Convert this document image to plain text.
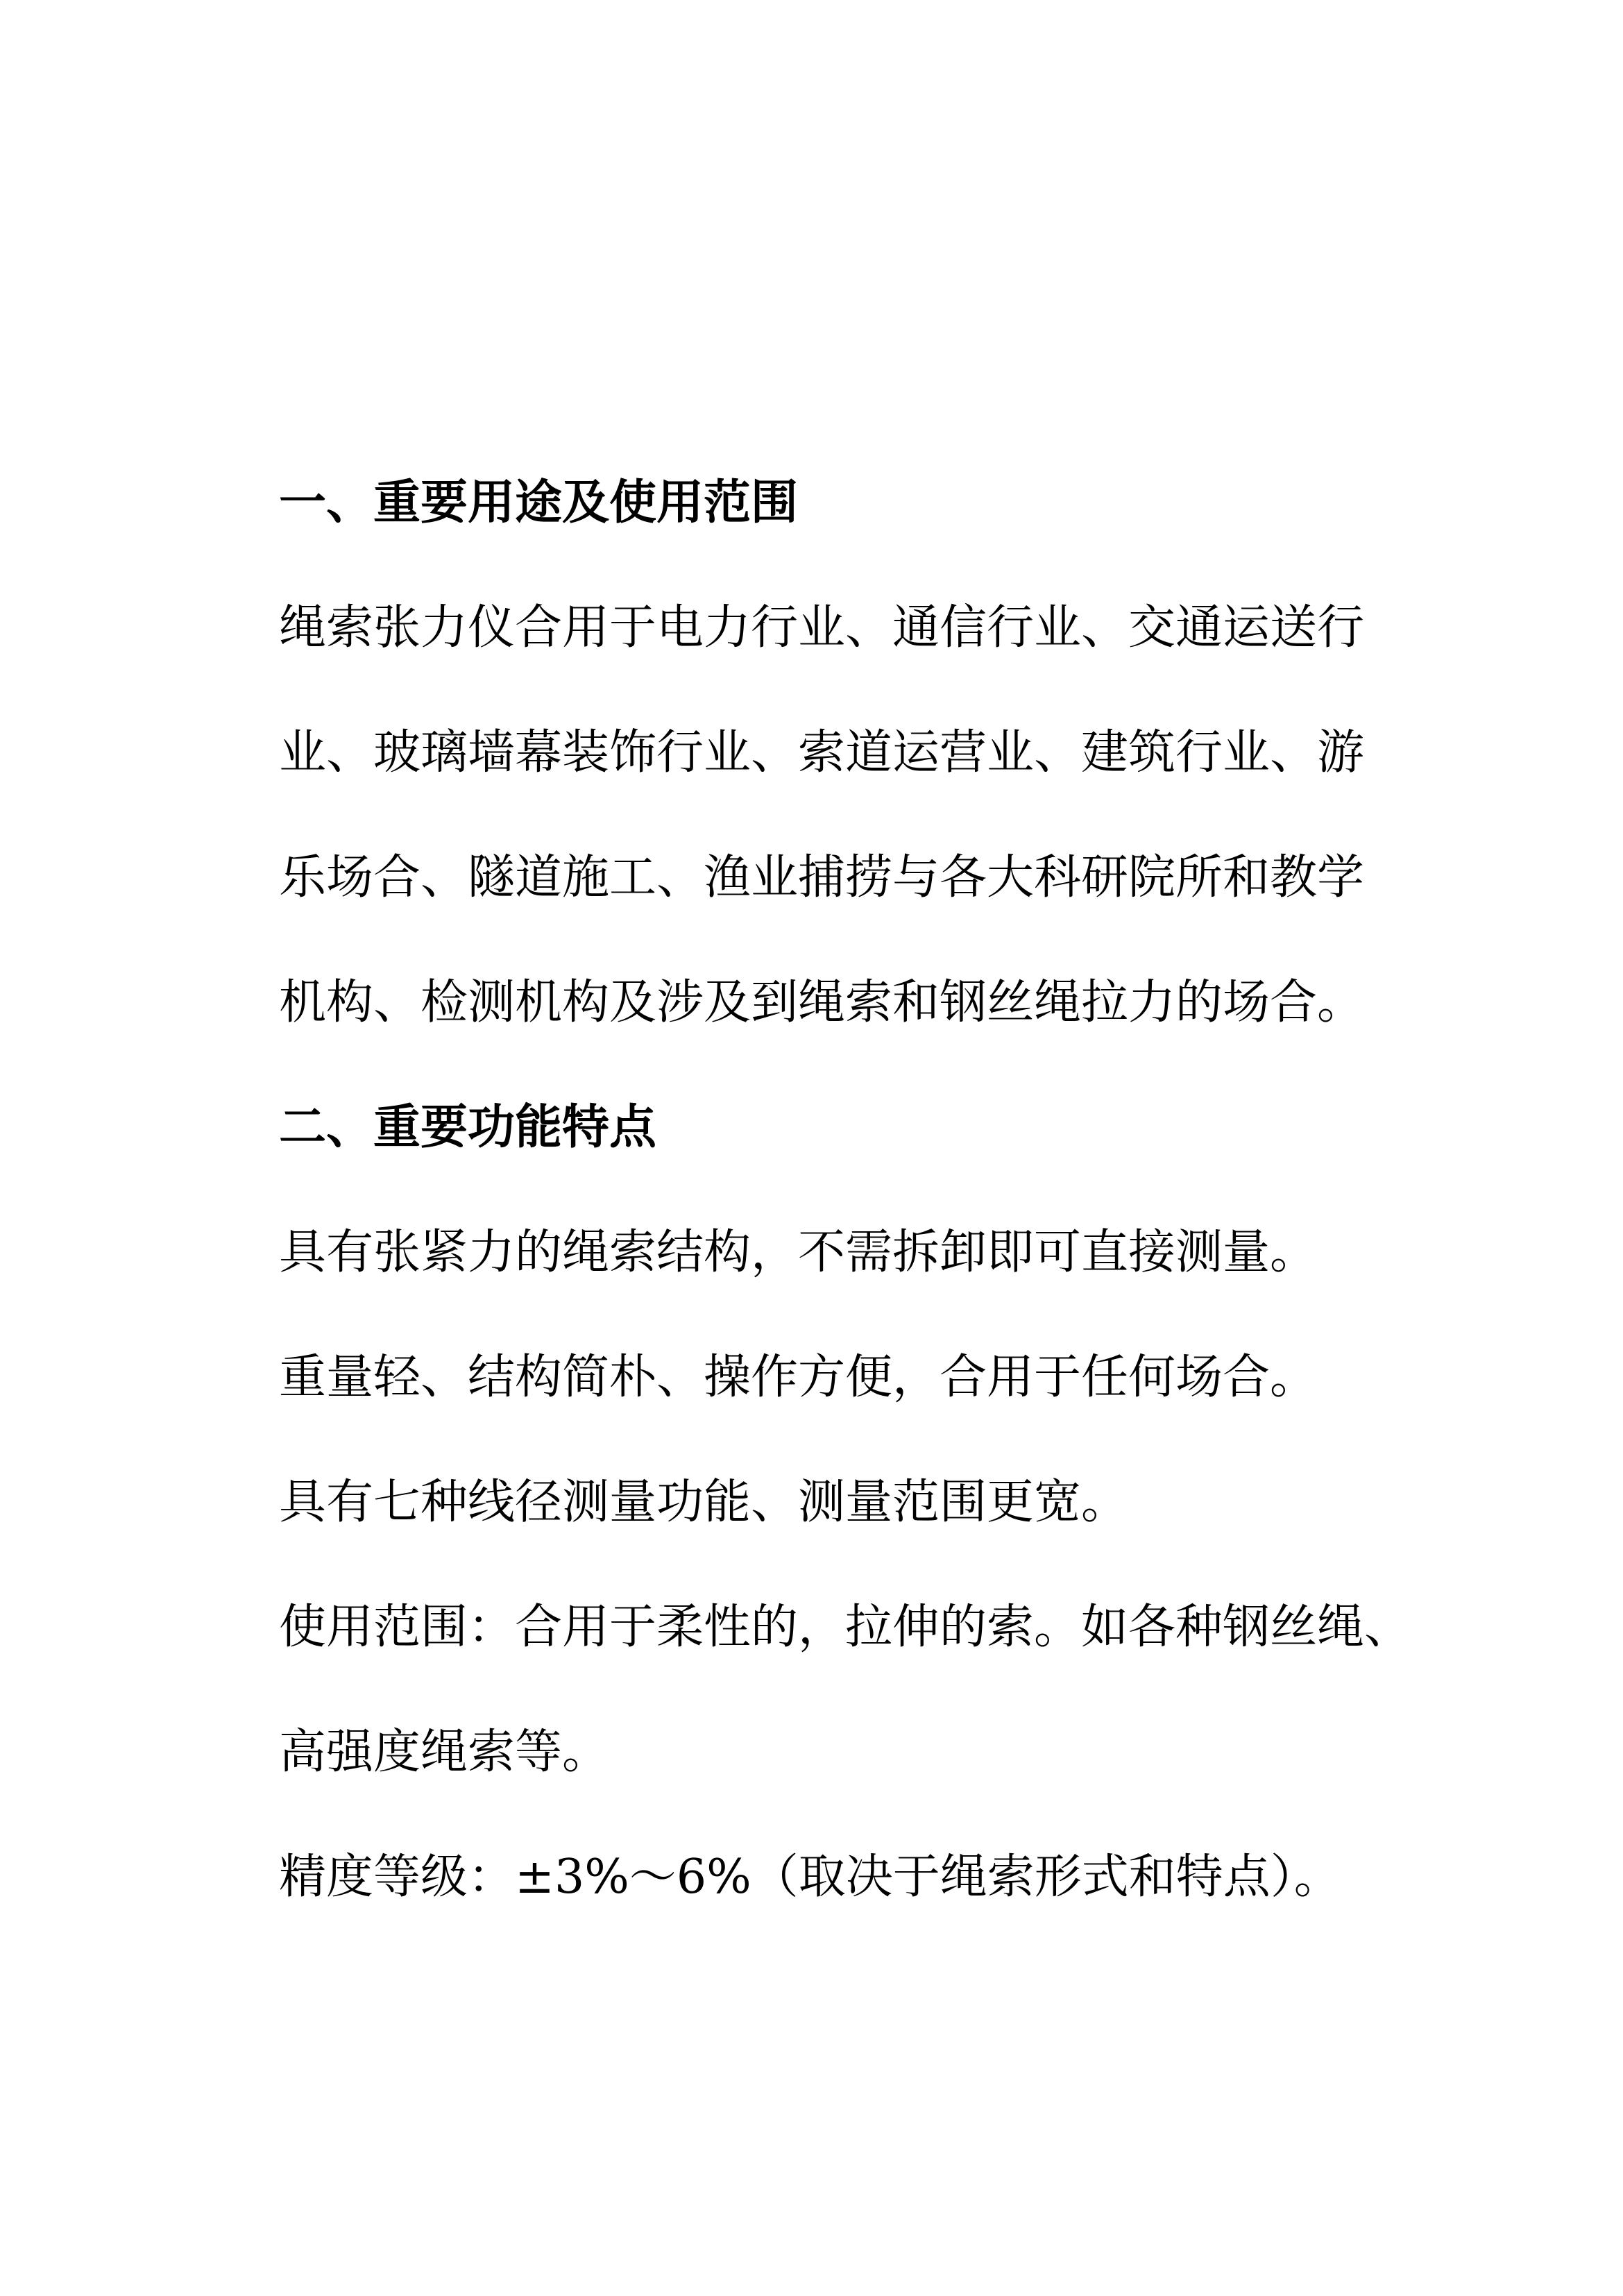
一、重要用途及使用范围

绳索张力仪合用于电力行业、通信行业、交通运送行

业、玻璃墙幕装饰行业、索道运营业、建筑行业、游

乐场合、隧道施工、渔业捕捞与各大科研院所和教学

机构、检测机构及涉及到绳索和钢丝绳拉力的场合。

二、重要功能特点

具有张紧力的绳索结构，不需拆卸即可直接测量。

重量轻、结构简朴、操作方便，合用于任何场合。

具有七种线径测量功能、测量范围更宽。

使用范围：合用于柔性的，拉伸的索。如各种钢丝绳、

高强度绳索等。

精度等级：±3%～6%（取决于绳索形式和特点）。
